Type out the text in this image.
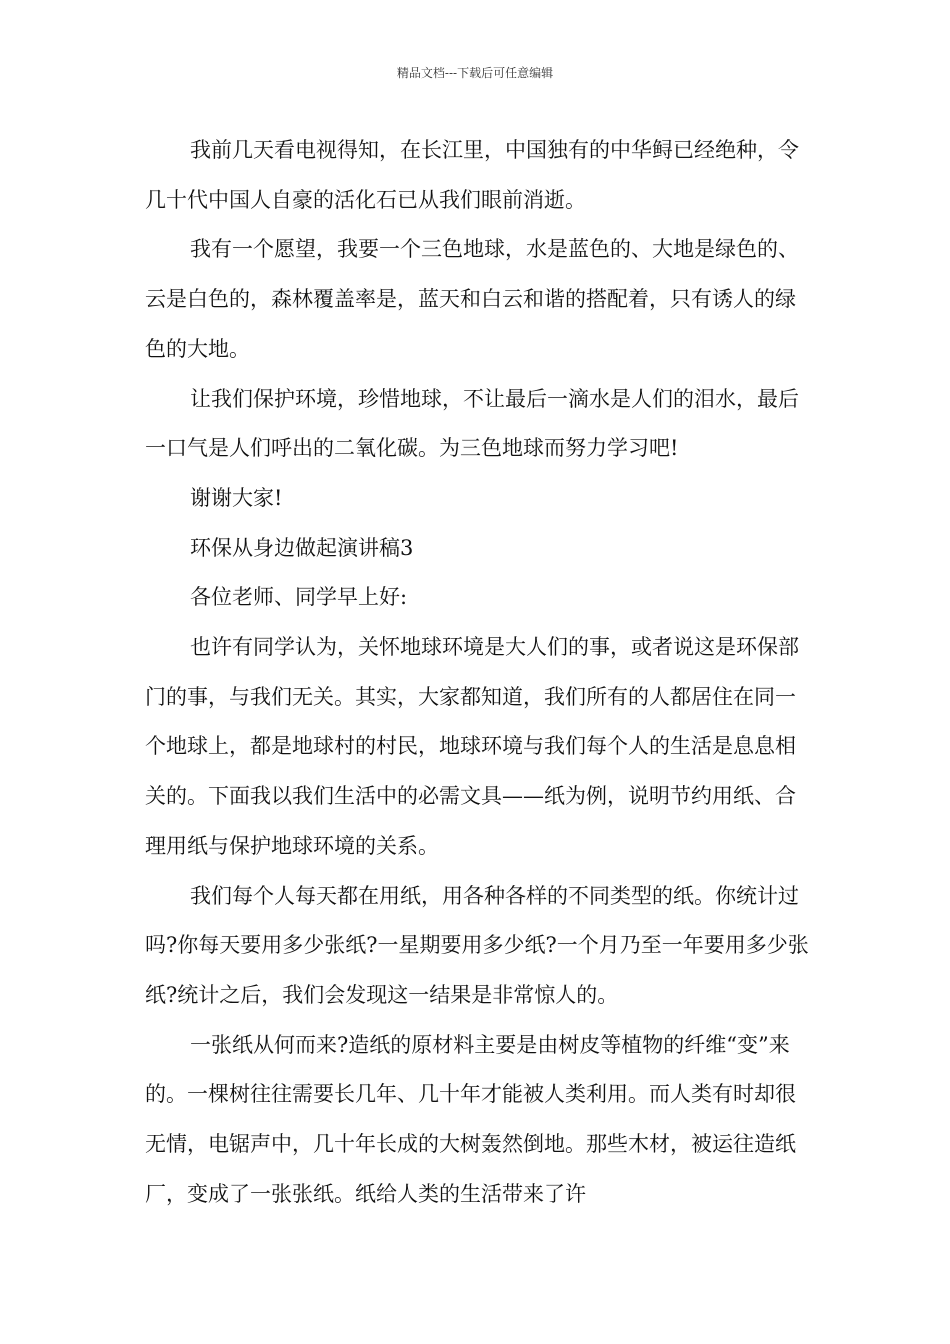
精品文档---下载后可任意编辑

我前几天看电视得知，在长江里，中国独有的中华鲟已经绝种，令几十代中国人自豪的活化石已从我们眼前消逝。

我有一个愿望，我要一个三色地球，水是蓝色的、大地是绿色的、云是白色的，森林覆盖率是，蓝天和白云和谐的搭配着，只有诱人的绿色的大地。

让我们保护环境，珍惜地球，不让最后一滴水是人们的泪水，最后一口气是人们呼出的二氧化碳。为三色地球而努力学习吧!

谢谢大家!

环保从身边做起演讲稿3

各位老师、同学早上好:

也许有同学认为，关怀地球环境是大人们的事，或者说这是环保部门的事，与我们无关。其实，大家都知道，我们所有的人都居住在同一个地球上，都是地球村的村民，地球环境与我们每个人的生活是息息相关的。下面我以我们生活中的必需文具——纸为例，说明节约用纸、合理用纸与保护地球环境的关系。

我们每个人每天都在用纸，用各种各样的不同类型的纸。你统计过吗?你每天要用多少张纸?一星期要用多少纸?一个月乃至一年要用多少张纸?统计之后，我们会发现这一结果是非常惊人的。

一张纸从何而来?造纸的原材料主要是由树皮等植物的纤维“变”来的。一棵树往往需要长几年、几十年才能被人类利用。而人类有时却很无情，电锯声中，几十年长成的大树轰然倒地。那些木材，被运往造纸厂，变成了一张张纸。纸给人类的生活带来了许
